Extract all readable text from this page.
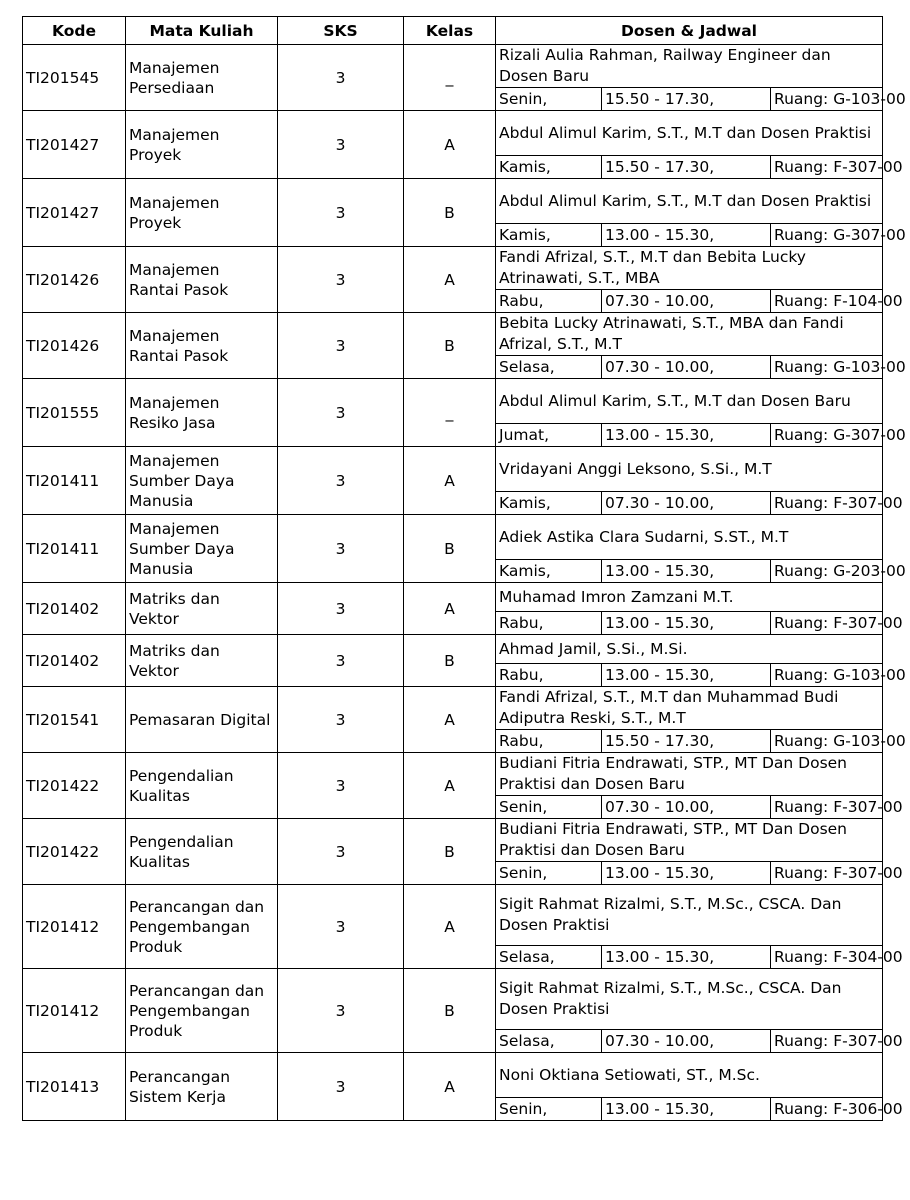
Kode	Mata Kuliah	SKS	Kelas	Dosen & Jadwal		
TI201545	Manajemen Persediaan	3	_	Rizali Aulia Rahman, Railway Engineer dan Dosen Baru		
				Senin,	15.50 - 17.30,	Ruang: G-103-00
TI201427	Manajemen Proyek	3	A	Abdul Alimul Karim, S.T., M.T dan Dosen Praktisi		
				Kamis,	15.50 - 17.30,	Ruang: F-307-00
TI201427	Manajemen Proyek	3	B	Abdul Alimul Karim, S.T., M.T dan Dosen Praktisi		
				Kamis,	13.00 - 15.30,	Ruang: G-307-00
TI201426	Manajemen Rantai Pasok	3	A	Fandi Afrizal, S.T., M.T dan Bebita Lucky Atrinawati, S.T., MBA		
				Rabu,	07.30 - 10.00,	Ruang: F-104-00
TI201426	Manajemen Rantai Pasok	3	B	Bebita Lucky Atrinawati, S.T., MBA dan Fandi Afrizal, S.T., M.T		
				Selasa,	07.30 - 10.00,	Ruang: G-103-00
TI201555	Manajemen Resiko Jasa	3	_	Abdul Alimul Karim, S.T., M.T dan Dosen Baru		
				Jumat,	13.00 - 15.30,	Ruang: G-307-00
TI201411	Manajemen Sumber Daya Manusia	3	A	Vridayani Anggi Leksono, S.Si., M.T		
				Kamis,	07.30 - 10.00,	Ruang: F-307-00
TI201411	Manajemen Sumber Daya Manusia	3	B	Adiek Astika Clara Sudarni, S.ST., M.T		
				Kamis,	13.00 - 15.30,	Ruang: G-203-00
TI201402	Matriks dan Vektor	3	A	Muhamad Imron Zamzani M.T.		
				Rabu,	13.00 - 15.30,	Ruang: F-307-00
TI201402	Matriks dan Vektor	3	B	Ahmad Jamil, S.Si., M.Si.		
				Rabu,	13.00 - 15.30,	Ruang: G-103-00
TI201541	Pemasaran Digital	3	A	Fandi Afrizal, S.T., M.T dan Muhammad Budi Adiputra Reski, S.T., M.T		
				Rabu,	15.50 - 17.30,	Ruang: G-103-00
TI201422	Pengendalian Kualitas	3	A	Budiani Fitria Endrawati, STP., MT Dan Dosen Praktisi dan Dosen Baru		
				Senin,	07.30 - 10.00,	Ruang: F-307-00
TI201422	Pengendalian Kualitas	3	B	Budiani Fitria Endrawati, STP., MT Dan Dosen Praktisi dan Dosen Baru		
				Senin,	13.00 - 15.30,	Ruang: F-307-00
TI201412	Perancangan dan Pengembangan Produk	3	A	Sigit Rahmat Rizalmi, S.T., M.Sc., CSCA. Dan Dosen Praktisi		
				Selasa,	13.00 - 15.30,	Ruang: F-304-00
TI201412	Perancangan dan Pengembangan Produk	3	B	Sigit Rahmat Rizalmi, S.T., M.Sc., CSCA. Dan Dosen Praktisi		
				Selasa,	07.30 - 10.00,	Ruang: F-307-00
TI201413	Perancangan Sistem Kerja	3	A	Noni Oktiana Setiowati, ST., M.Sc.		
				Senin,	13.00 - 15.30,	Ruang: F-306-00
